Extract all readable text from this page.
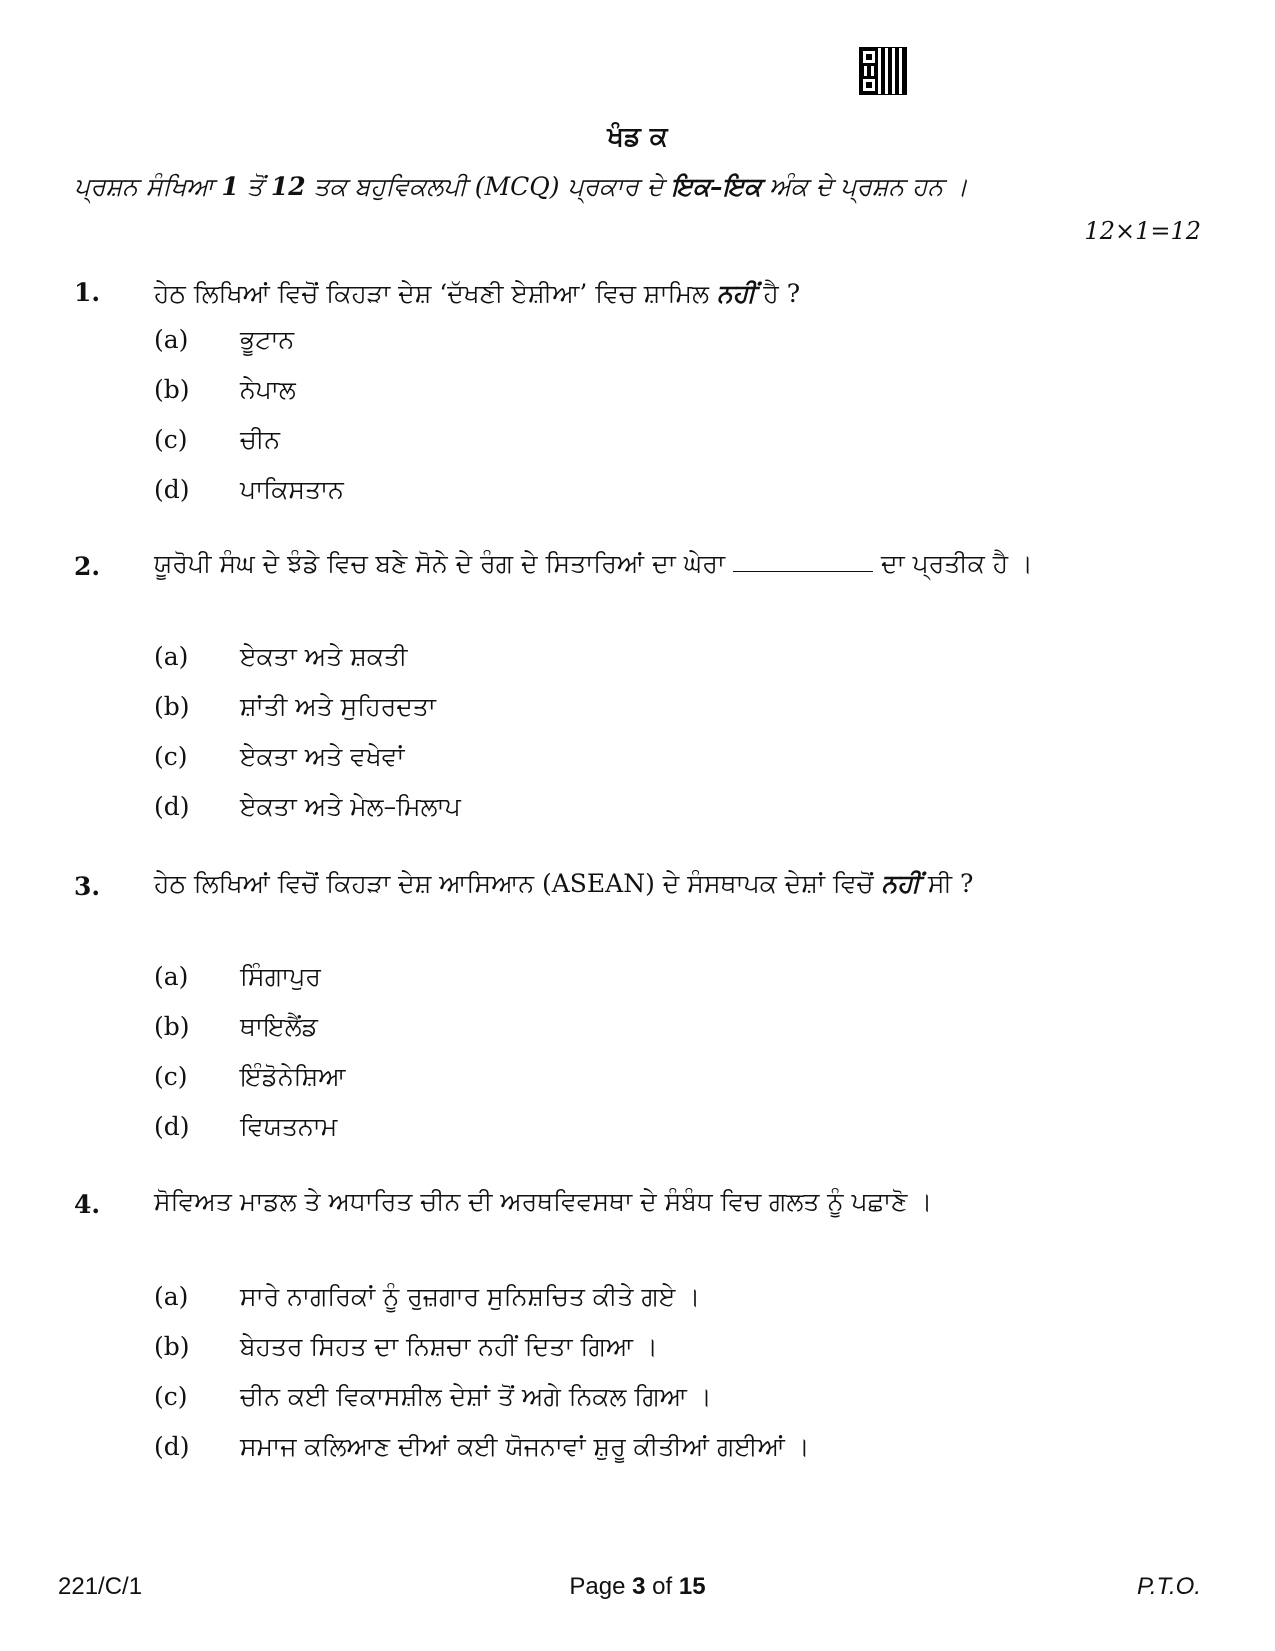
ਖੰਡ ਕ
ਪ੍ਰਸ਼ਨ ਸੰਖਿਆ 1 ਤੋਂ 12 ਤਕ ਬਹੁਵਿਕਲਪੀ (MCQ) ਪ੍ਰਕਾਰ ਦੇ ਇਕ–ਇਕ ਅੰਕ ਦੇ ਪ੍ਰਸ਼ਨ ਹਨ ।
12×1=12
1. ਹੇਠ ਲਿਖਿਆਂ ਵਿਚੋਂ ਕਿਹੜਾ ਦੇਸ਼ ‘ਦੱਖਣੀ ਏਸ਼ੀਆ’ ਵਿਚ ਸ਼ਾਮਿਲ ਨਹੀਂ ਹੈ ?
(a)	ਭੂਟਾਨ
(b)	ਨੇਪਾਲ
(c)	ਚੀਨ
(d)	ਪਾਕਿਸਤਾਨ
2. ਯੂਰੋਪੀ ਸੰਘ ਦੇ ਝੰਡੇ ਵਿਚ ਬਣੇ ਸੋਨੇ ਦੇ ਰੰਗ ਦੇ ਸਿਤਾਰਿਆਂ ਦਾ ਘੇਰਾ	ਦਾ ਪ੍ਰਤੀਕ ਹੈ ।
(a)	ਏਕਤਾ ਅਤੇ ਸ਼ਕਤੀ
(b)	ਸ਼ਾਂਤੀ ਅਤੇ ਸੁਹਿਰਦਤਾ
(c)	ਏਕਤਾ ਅਤੇ ਵਖੇਵਾਂ
(d)	ਏਕਤਾ ਅਤੇ ਮੇਲ–ਮਿਲਾਪ
3. ਹੇਠ ਲਿਖਿਆਂ ਵਿਚੋਂ ਕਿਹੜਾ ਦੇਸ਼ ਆਸਿਆਨ (ASEAN) ਦੇ ਸੰਸਥਾਪਕ ਦੇਸ਼ਾਂ ਵਿਚੋਂ ਨਹੀਂ ਸੀ ?
(a)	ਸਿੰਗਾਪੁਰ
(b)	ਥਾਇਲੈਂਡ
(c)	ਇੰਡੋਨੇਸ਼ਿਆ
(d)	ਵਿਯਤਨਾਮ
4. ਸੋਵਿਅਤ ਮਾਡਲ ਤੇ ਅਧਾਰਿਤ ਚੀਨ ਦੀ ਅਰਥਵਿਵਸਥਾ ਦੇ ਸੰਬੰਧ ਵਿਚ ਗਲਤ ਨੂੰ ਪਛਾਣੋ ।
(a)	ਸਾਰੇ ਨਾਗਰਿਕਾਂ ਨੂੰ ਰੁਜ਼ਗਾਰ ਸੁਨਿਸ਼ਚਿਤ ਕੀਤੇ ਗਏ ।
(b)	ਬੇਹਤਰ ਸਿਹਤ ਦਾ ਨਿਸ਼ਚਾ ਨਹੀਂ ਦਿਤਾ ਗਿਆ ।
(c)	ਚੀਨ ਕਈ ਵਿਕਾਸਸ਼ੀਲ ਦੇਸ਼ਾਂ ਤੋਂ ਅਗੇ ਨਿਕਲ ਗਿਆ ।
(d)	ਸਮਾਜ ਕਲਿਆਣ ਦੀਆਂ ਕਈ ਯੋਜਨਾਵਾਂ ਸ਼ੁਰੂ ਕੀਤੀਆਂ ਗਈਆਂ ।
221/C/1	Page 3 of 15	P.T.O.
